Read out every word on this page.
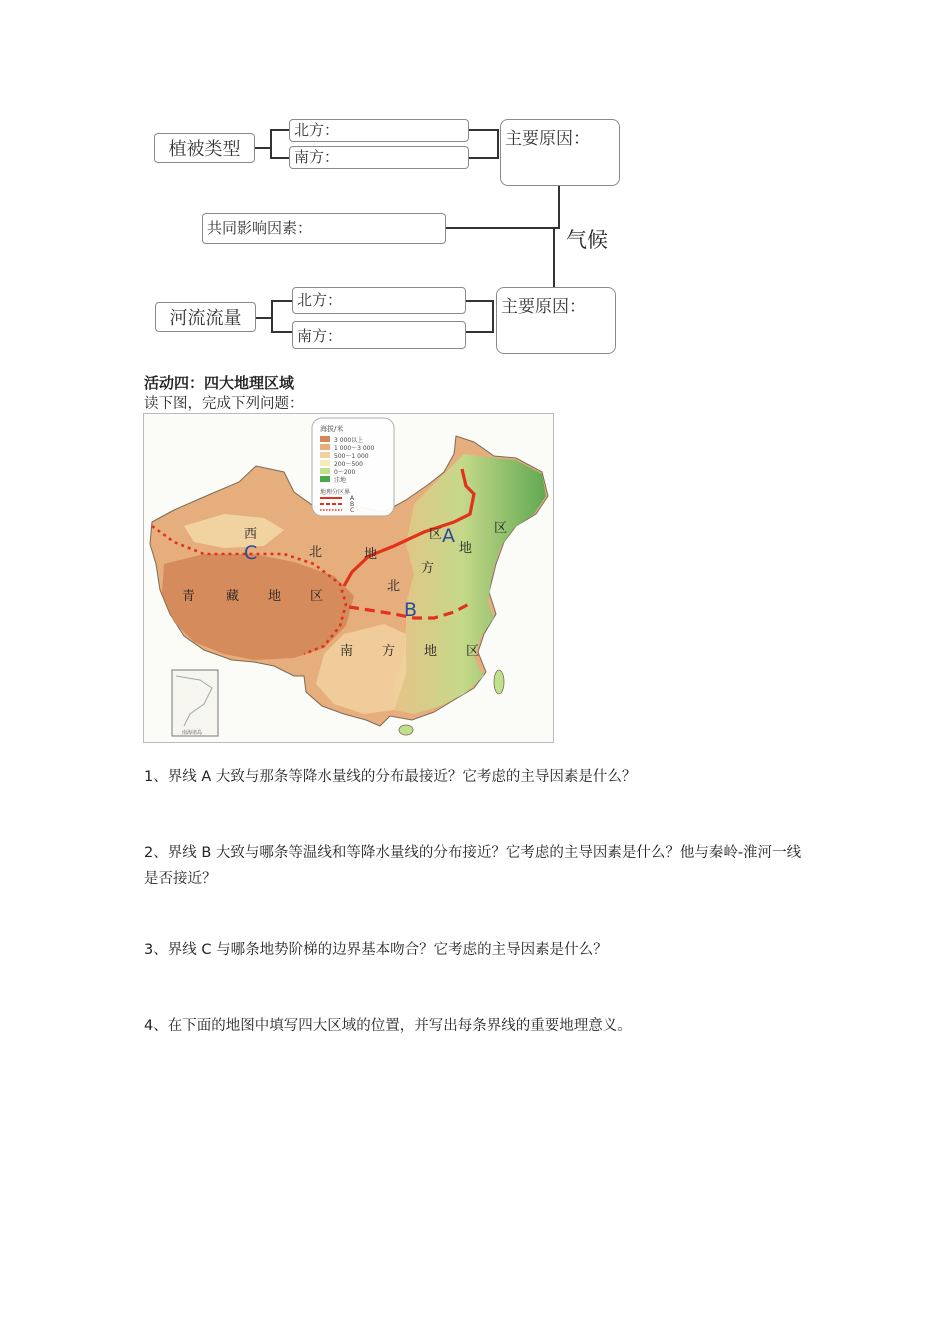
植被类型
北方：
南方：
主要原因：
气候
共同影响因素：
河流流量
北方：
南方：
主要原因：
活动四：四大地理区域
读下图，完成下列问题：
海拔/米
3 000以上
1 000～3 000
500～1 000
200～500
0～200
洼地
地理分区界
A
B
C
A
B
C
西
北	地
区
北
方
地
区
青 藏 地 区
南 方 地 区
南海诸岛
1、界线 A 大致与那条等降水量线的分布最接近？它考虑的主导因素是什么？
2、界线 B 大致与哪条等温线和等降水量线的分布接近？它考虑的主导因素是什么？他与秦岭-淮河一线是否接近？
3、界线 C 与哪条地势阶梯的边界基本吻合？它考虑的主导因素是什么？
4、在下面的地图中填写四大区域的位置，并写出每条界线的重要地理意义。
